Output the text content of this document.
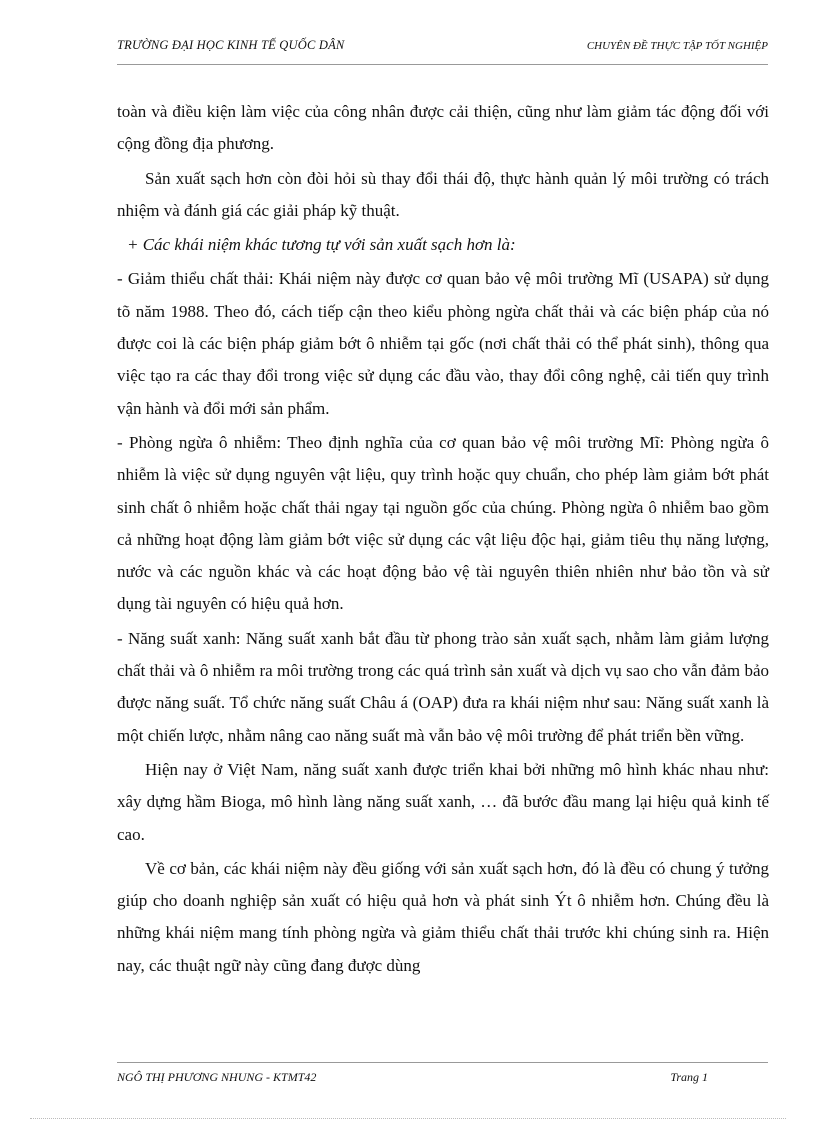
TRƯỜNG ĐẠI HỌC KINH TẾ QUỐC DÂN	CHUYÊN ĐỀ THỰC TẬP TỐT NGHIỆP

toàn và điều kiện làm việc của công nhân được cải thiện, cũng như làm giảm tác động đối với cộng đồng địa phương.

Sản xuất sạch hơn còn đòi hỏi sù thay đổi thái độ, thực hành quản lý môi trường có trách nhiệm và đánh giá các giải pháp kỹ thuật.

+ Các khái niệm khác tương tự với sản xuất sạch hơn là:

- Giảm thiểu chất thải: Khái niệm này được cơ quan bảo vệ môi trường Mĩ (USAPA) sử dụng tõ năm 1988. Theo đó, cách tiếp cận theo kiểu phòng ngừa chất thải và các biện pháp của nó được coi là các biện pháp giảm bớt ô nhiễm tại gốc (nơi chất thải có thể phát sinh), thông qua việc tạo ra các thay đổi trong việc sử dụng các đầu vào, thay đổi công nghệ, cải tiến quy trình vận hành và đổi mới sản phẩm.

- Phòng ngừa ô nhiễm: Theo định nghĩa của cơ quan bảo vệ môi trường Mĩ: Phòng ngừa ô nhiễm là việc sử dụng nguyên vật liệu, quy trình hoặc quy chuẩn, cho phép làm giảm bớt phát sinh chất ô nhiễm hoặc chất thải ngay tại nguồn gốc của chúng. Phòng ngừa ô nhiễm bao gồm cả những hoạt động làm giảm bớt việc sử dụng các vật liệu độc hại, giảm tiêu thụ năng lượng, nước và các nguồn khác và các hoạt động bảo vệ tài nguyên thiên nhiên như bảo tồn và sử dụng tài nguyên có hiệu quả hơn.

- Năng suất xanh: Năng suất xanh bắt đầu từ phong trào sản xuất sạch, nhằm làm giảm lượng chất thải và ô nhiễm ra môi trường trong các quá trình sản xuất và dịch vụ sao cho vẫn đảm bảo được năng suất. Tổ chức năng suất Châu á (OAP) đưa ra khái niệm như sau: Năng suất xanh là một chiến lược, nhằm nâng cao năng suất mà vẫn bảo vệ môi trường để phát triển bền vững.

Hiện nay ở Việt Nam, năng suất xanh được triển khai bởi những mô hình khác nhau như: xây dựng hầm Bioga, mô hình làng năng suất xanh, … đã bước đầu mang lại hiệu quả kinh tế cao.

Về cơ bản, các khái niệm này đều giống với sản xuất sạch hơn, đó là đều có chung ý tưởng giúp cho doanh nghiệp sản xuất có hiệu quả hơn và phát sinh Ýt ô nhiễm hơn. Chúng đều là những khái niệm mang tính phòng ngừa và giảm thiểu chất thải trước khi chúng sinh ra. Hiện nay, các thuật ngữ này cũng đang được dùng

NGÔ THỊ PHƯƠNG NHUNG - KTMT42	Trang 1
